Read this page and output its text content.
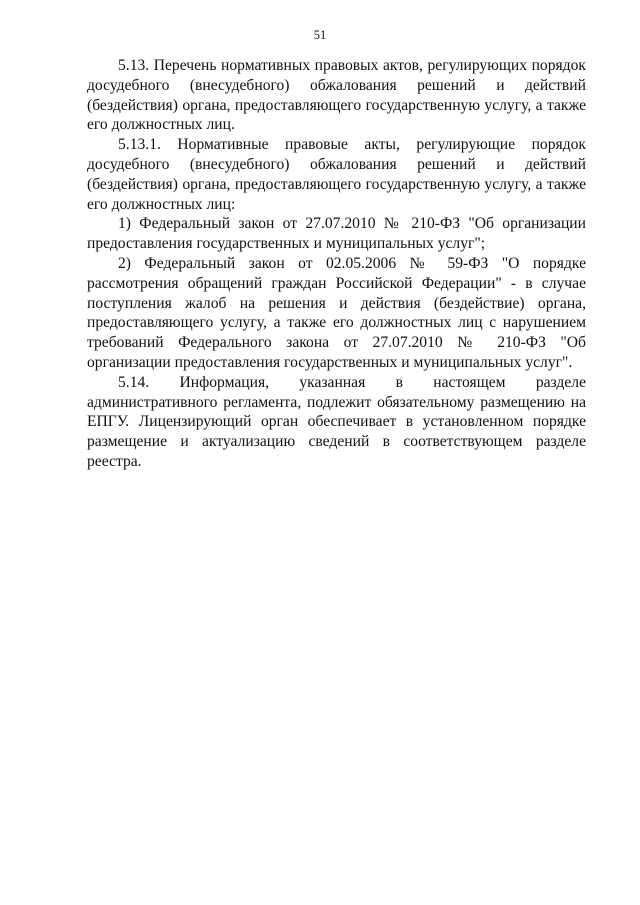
51

5.13. Перечень нормативных правовых актов, регулирующих порядок досудебного (внесудебного) обжалования решений и действий (бездействия) органа, предоставляющего государственную услугу, а также его должностных лиц.

5.13.1. Нормативные правовые акты, регулирующие порядок досудебного (внесудебного) обжалования решений и действий (бездействия) органа, предоставляющего государственную услугу, а также его должностных лиц:

1) Федеральный закон от 27.07.2010 № 210-ФЗ "Об организации предоставления государственных и муниципальных услуг";

2) Федеральный закон от 02.05.2006 № 59-ФЗ "О порядке рассмотрения обращений граждан Российской Федерации" - в случае поступления жалоб на решения и действия (бездействие) органа, предоставляющего услугу, а также его должностных лиц с нарушением требований Федерального закона от 27.07.2010 № 210-ФЗ "Об организации предоставления государственных и муниципальных услуг".

5.14. Информация, указанная в настоящем разделе административного регламента, подлежит обязательному размещению на ЕПГУ. Лицензирующий орган обеспечивает в установленном порядке размещение и актуализацию сведений в соответствующем разделе реестра.
